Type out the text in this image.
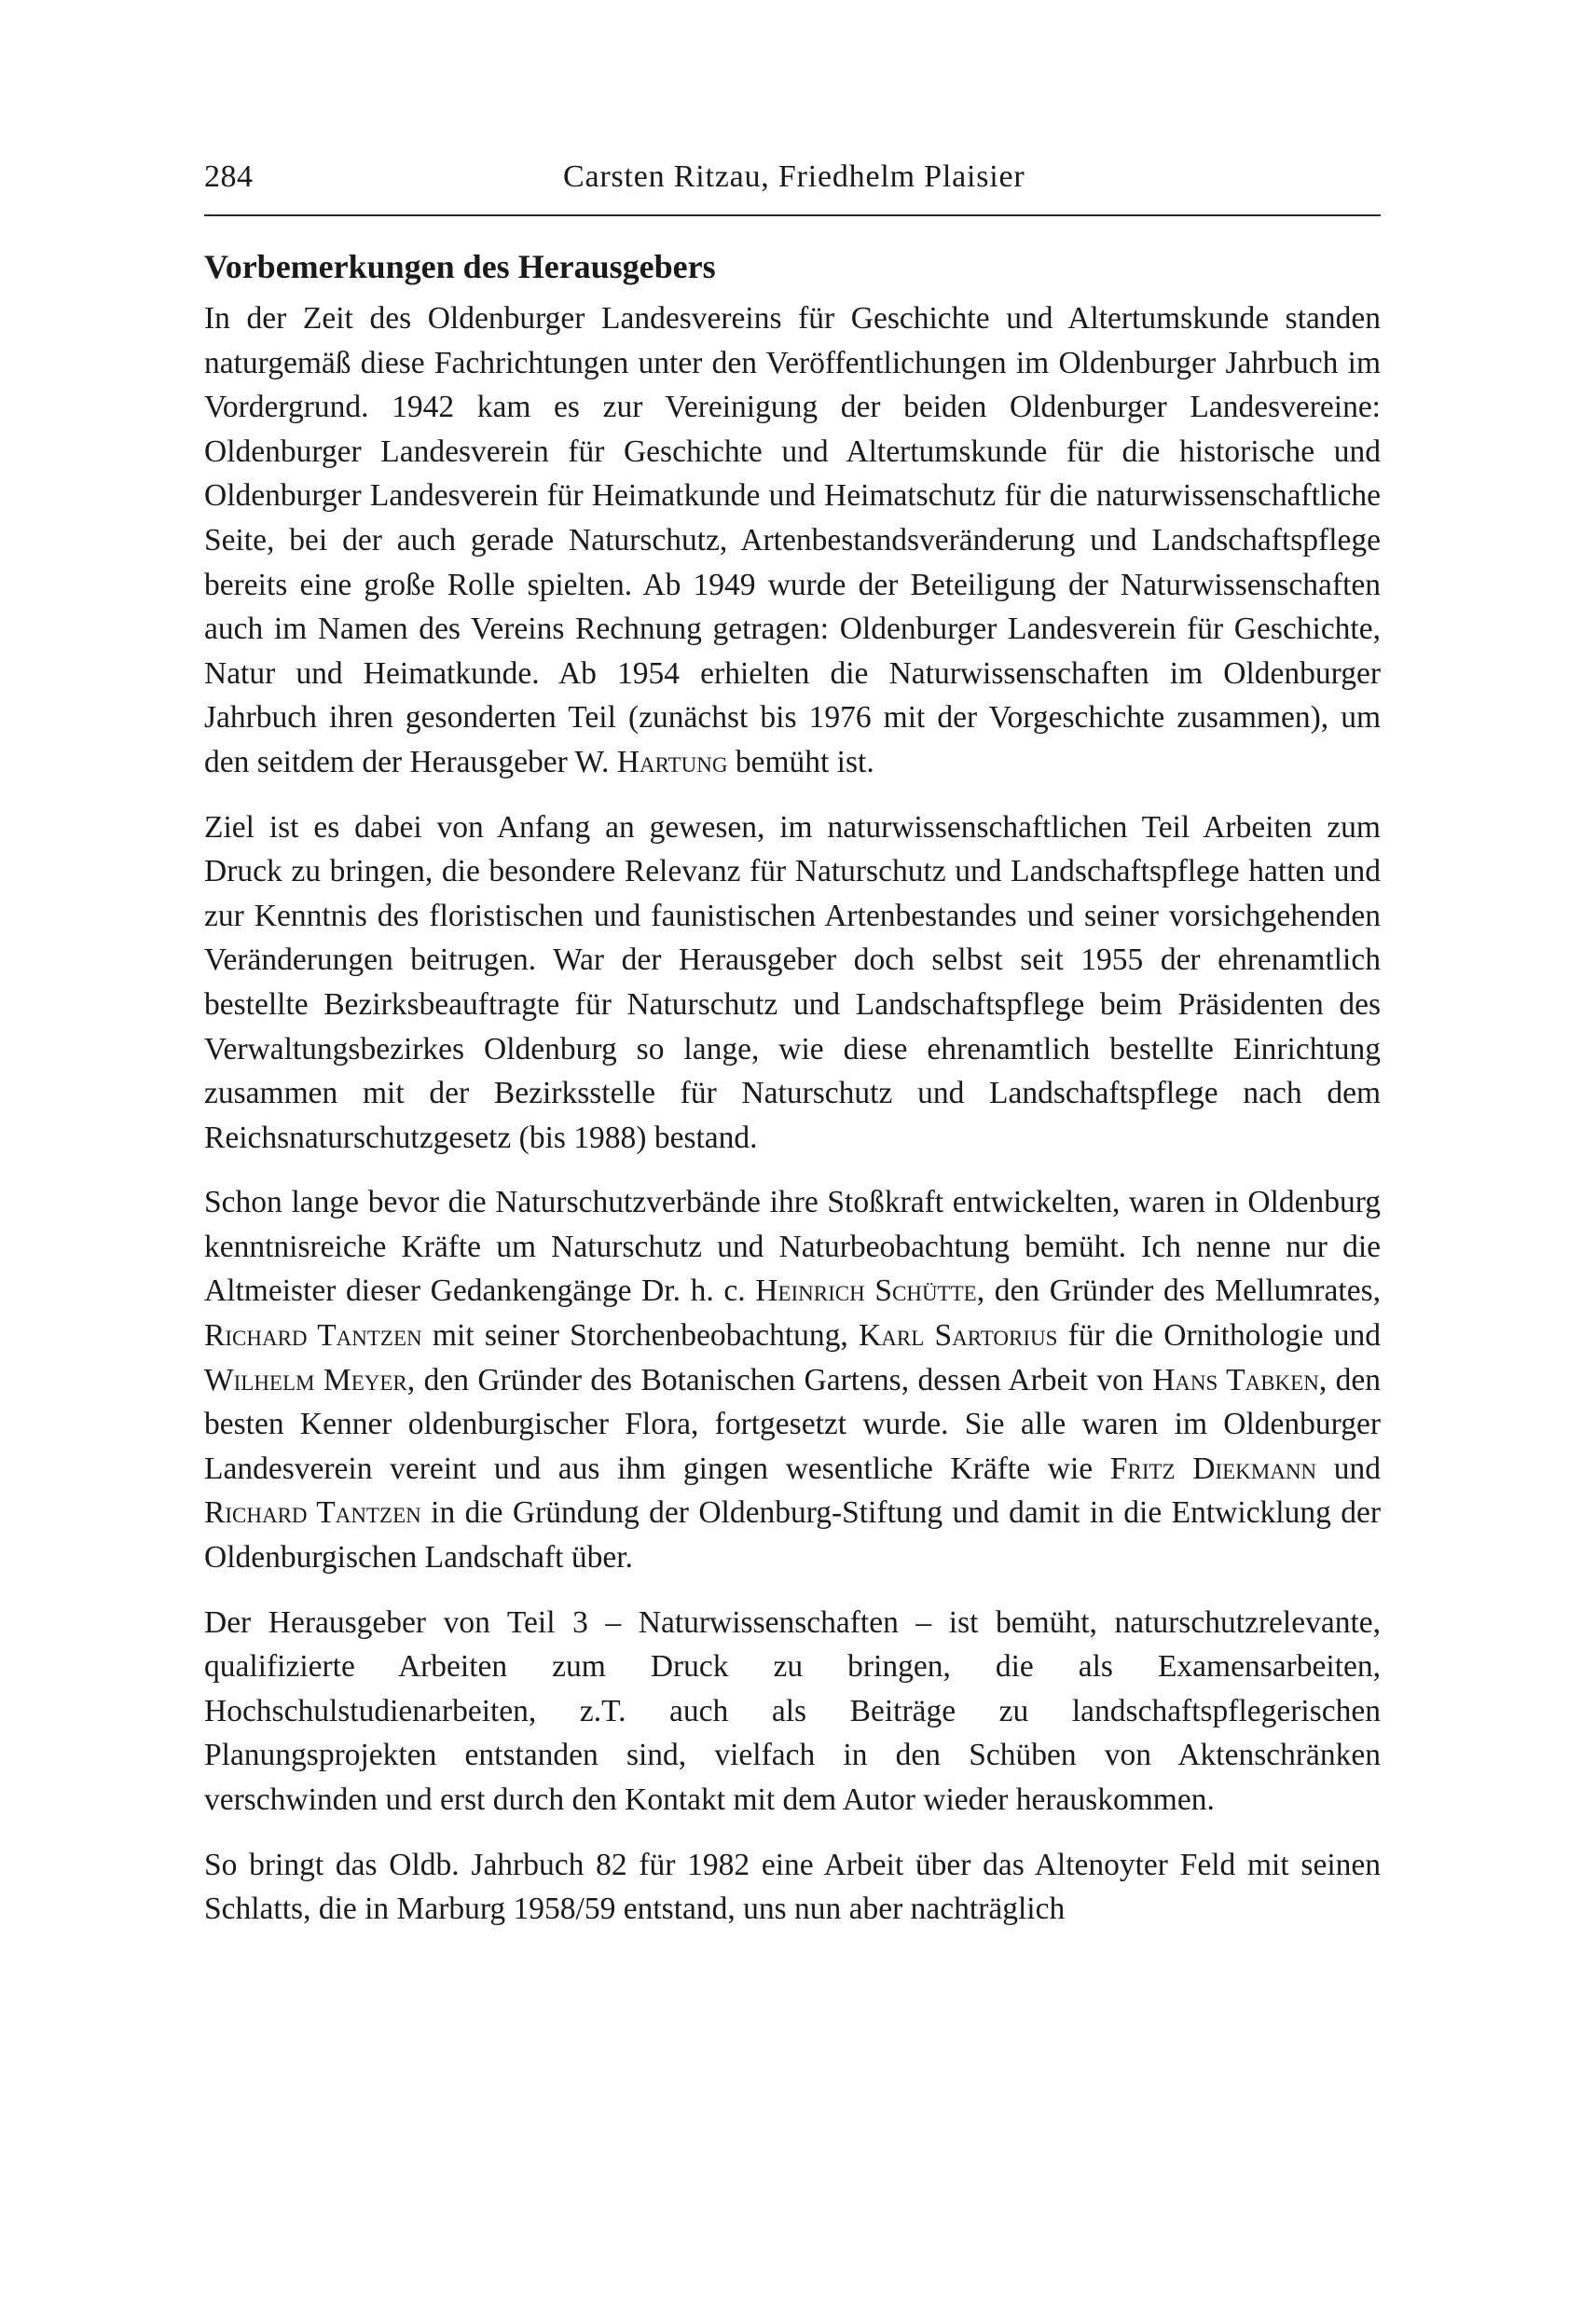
284	Carsten Ritzau, Friedhelm Plaisier
Vorbemerkungen des Herausgebers

In der Zeit des Oldenburger Landesvereins für Geschichte und Altertumskunde standen naturgemäß diese Fachrichtungen unter den Veröffentlichungen im Oldenburger Jahrbuch im Vordergrund. 1942 kam es zur Vereinigung der beiden Oldenburger Landesvereine: Oldenburger Landesverein für Geschichte und Altertumskunde für die historische und Oldenburger Landesverein für Heimatkunde und Heimatschutz für die naturwissenschaftliche Seite, bei der auch gerade Naturschutz, Artenbestandsveränderung und Landschaftspflege bereits eine große Rolle spielten. Ab 1949 wurde der Beteiligung der Naturwissenschaften auch im Namen des Vereins Rechnung getragen: Oldenburger Landesverein für Geschichte, Natur und Heimatkunde. Ab 1954 erhielten die Naturwissenschaften im Oldenburger Jahrbuch ihren gesonderten Teil (zunächst bis 1976 mit der Vorgeschichte zusammen), um den seitdem der Herausgeber W. Hartung bemüht ist.

Ziel ist es dabei von Anfang an gewesen, im naturwissenschaftlichen Teil Arbeiten zum Druck zu bringen, die besondere Relevanz für Naturschutz und Landschaftspflege hatten und zur Kenntnis des floristischen und faunistischen Artenbestandes und seiner vorsichgehenden Veränderungen beitrugen. War der Herausgeber doch selbst seit 1955 der ehrenamtlich bestellte Bezirksbeauftragte für Naturschutz und Landschaftspflege beim Präsidenten des Verwaltungsbezirkes Oldenburg so lange, wie diese ehrenamtlich bestellte Einrichtung zusammen mit der Bezirksstelle für Naturschutz und Landschaftspflege nach dem Reichsnaturschutzgesetz (bis 1988) bestand.

Schon lange bevor die Naturschutzverbände ihre Stoßkraft entwickelten, waren in Oldenburg kenntnisreiche Kräfte um Naturschutz und Naturbeobachtung bemüht. Ich nenne nur die Altmeister dieser Gedankengänge Dr. h. c. Heinrich Schütte, den Gründer des Mellumrates, Richard Tantzen mit seiner Storchenbeobachtung, Karl Sartorius für die Ornithologie und Wilhelm Meyer, den Gründer des Botanischen Gartens, dessen Arbeit von Hans Tabken, den besten Kenner oldenburgischer Flora, fortgesetzt wurde. Sie alle waren im Oldenburger Landesverein vereint und aus ihm gingen wesentliche Kräfte wie Fritz Diekmann und Richard Tantzen in die Gründung der Oldenburg-Stiftung und damit in die Entwicklung der Oldenburgischen Landschaft über.

Der Herausgeber von Teil 3 – Naturwissenschaften – ist bemüht, naturschutzrelevante, qualifizierte Arbeiten zum Druck zu bringen, die als Examensarbeiten, Hochschulstudienarbeiten, z.T. auch als Beiträge zu landschaftspflegerischen Planungsprojekten entstanden sind, vielfach in den Schüben von Aktenschränken verschwinden und erst durch den Kontakt mit dem Autor wieder herauskommen.

So bringt das Oldb. Jahrbuch 82 für 1982 eine Arbeit über das Altenoyter Feld mit seinen Schlatts, die in Marburg 1958/59 entstand, uns nun aber nachträglich
